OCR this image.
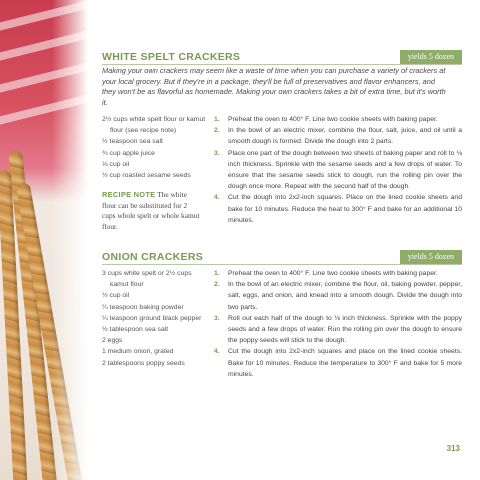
WHITE SPELT CRACKERS	yields 5 dozen

Making your own crackers may seem like a waste of time when you can purchase a variety of crackers at your local grocery. But if they're in a package, they'll be full of preservatives and flavor enhancers, and they won't be as flavorful as homemade. Making your own crackers takes a bit of extra time, but it's worth it.

2½ cups white spelt flour or kamut flour (see recipe note)
½ teaspoon sea salt
¾ cup apple juice
⅓ cup oil
½ cup roasted sesame seeds
RECIPE NOTE The white flour can be substituted for 2 cups whole spelt or whole kamut flour.
1. Preheat the oven to 400° F. Line two cookie sheets with baking paper.
2. In the bowl of an electric mixer, combine the flour, salt, juice, and oil until a smooth dough is formed. Divide the dough into 2 parts.
3. Place one part of the dough between two sheets of baking paper and roll to ⅛ inch thickness. Sprinkle with the sesame seeds and a few drops of water. To ensure that the sesame seeds stick to dough, run the rolling pin over the dough once more. Repeat with the second half of the dough.
4. Cut the dough into 2x2-inch squares. Place on the lined cookie sheets and bake for 10 minutes. Reduce the heat to 300° F and bake for an additional 10 minutes.
ONION CRACKERS	yields 5 dozen
3 cups white spelt or 2½ cups kamut flour
½ cup oil
¼ teaspoon baking powder
¼ teaspoon ground black pepper
½ tablespoon sea salt
2 eggs
1 medium onion, grated
2 tablespoons poppy seeds
1. Preheat the oven to 400° F. Line two cookie sheets with baking paper.
2. In the bowl of an electric mixer, combine the flour, oil, baking powder, pepper, salt, eggs, and onion, and knead into a smooth dough. Divide the dough into two parts.
3. Roll out each half of the dough to ⅛ inch thickness. Sprinkle with the poppy seeds and a few drops of water. Run the rolling pin over the dough to ensure the poppy seeds will stick to the dough.
4. Cut the dough into 2x2-inch squares and place on the lined cookie sheets. Bake for 10 minutes. Reduce the temperature to 300° F and bake for 5 more minutes.
313
